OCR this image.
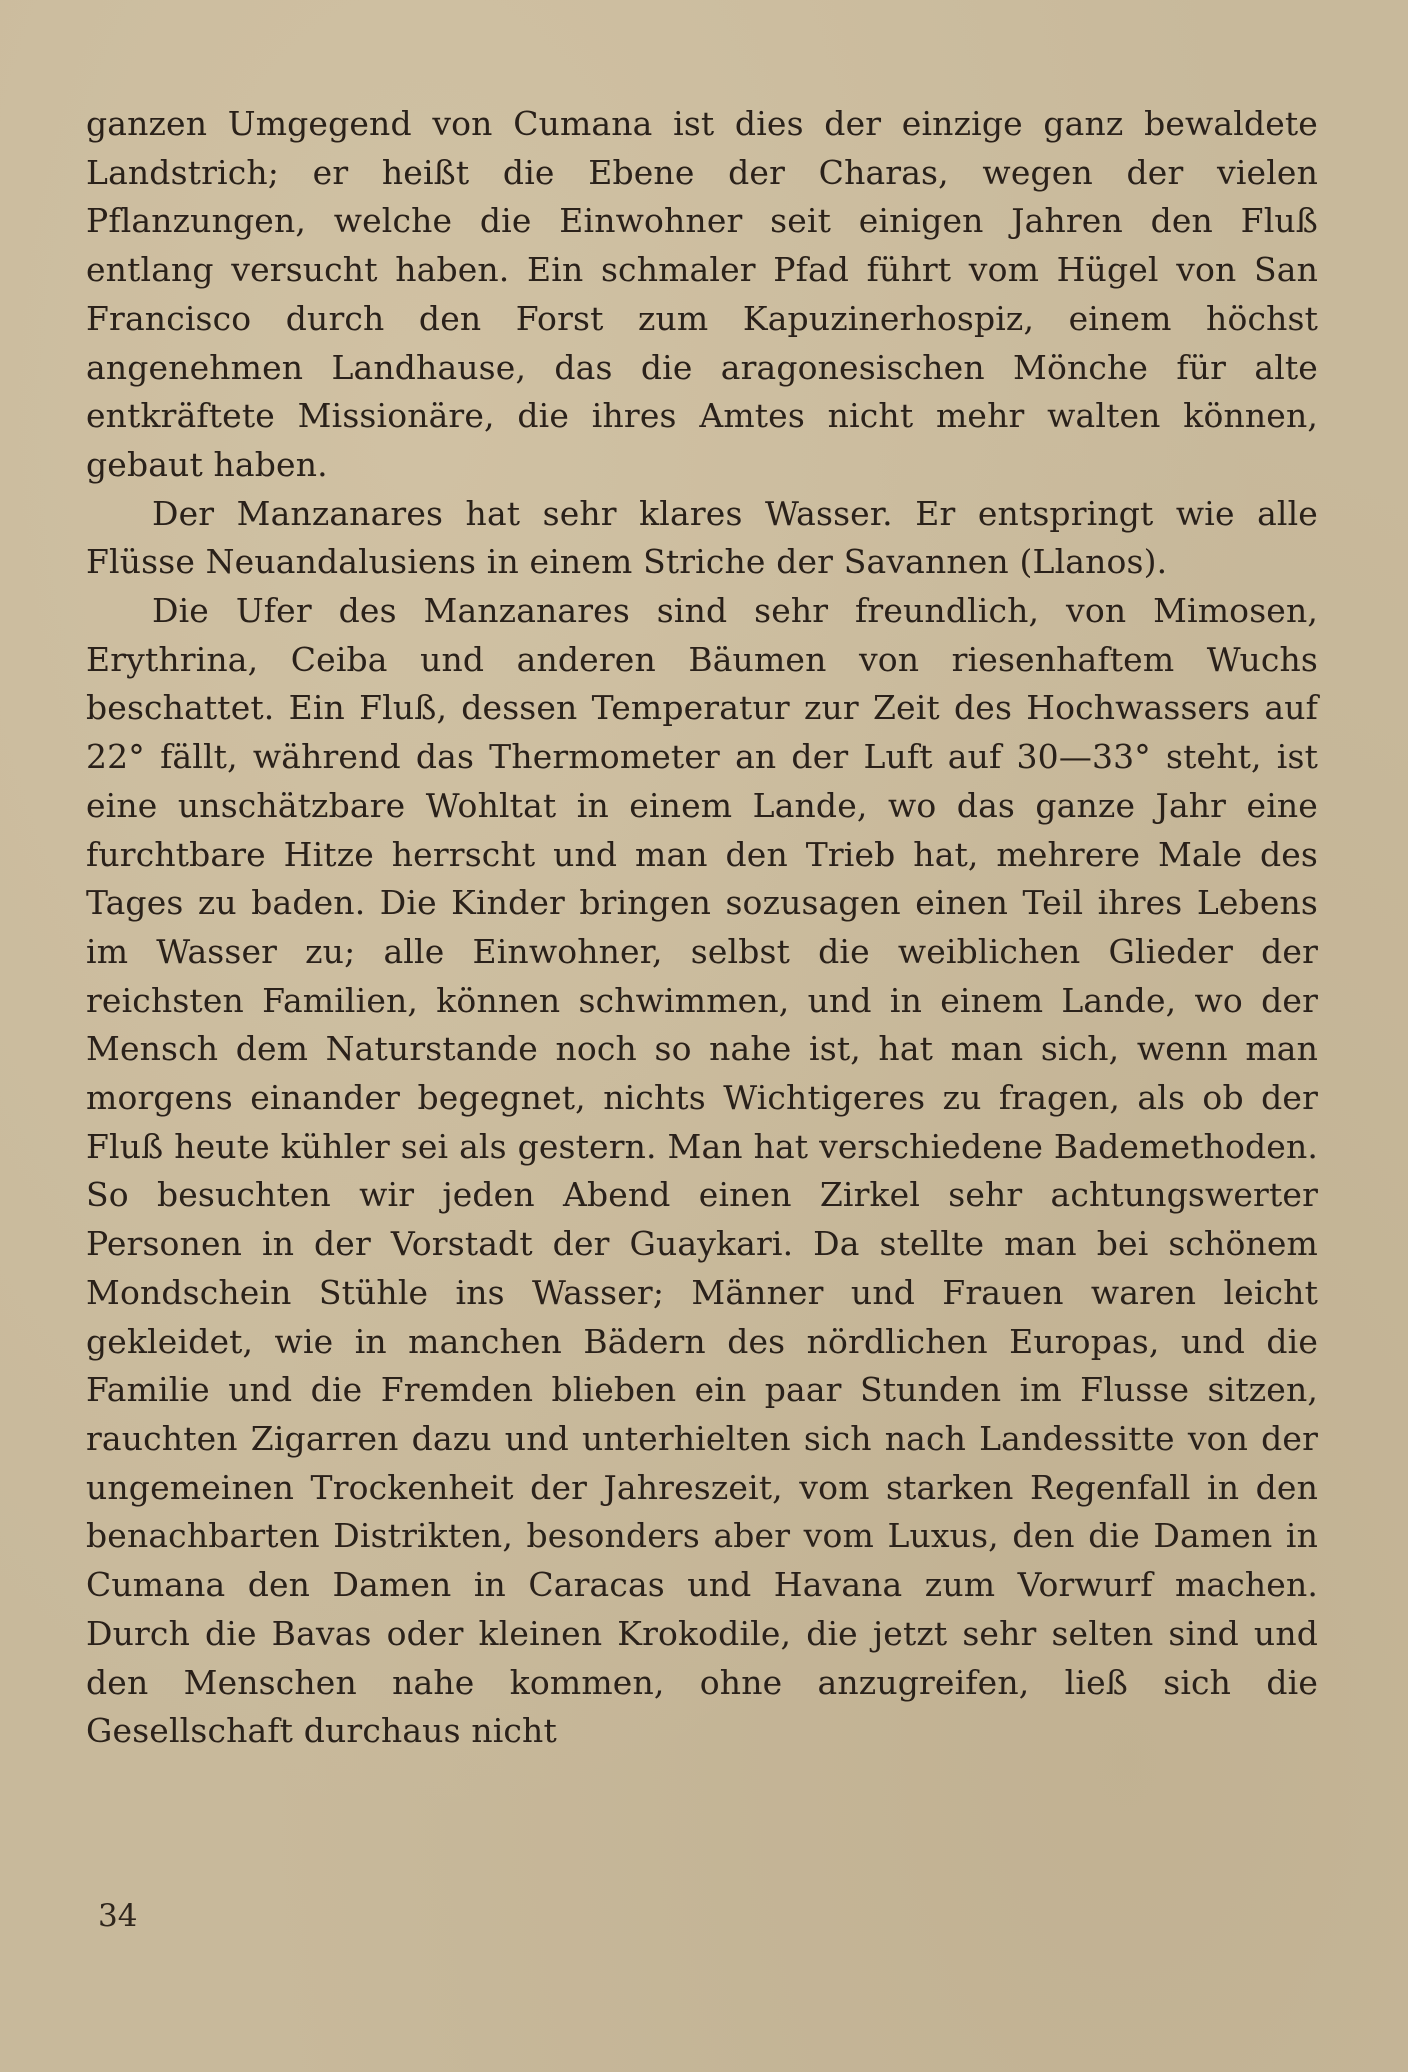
ganzen Umgegend von Cumana ist dies der einzige ganz bewaldete Landstrich; er heißt die Ebene der Charas, wegen der vielen Pflanzungen, welche die Einwohner seit einigen Jahren den Fluß entlang versucht haben. Ein schmaler Pfad führt vom Hügel von San Francisco durch den Forst zum Kapuzinerhospiz, einem höchst angenehmen Landhause, das die aragonesischen Mönche für alte entkräftete Missionäre, die ihres Amtes nicht mehr walten können, gebaut haben.

Der Manzanares hat sehr klares Wasser. Er entspringt wie alle Flüsse Neuandalusiens in einem Striche der Savannen (Llanos).

Die Ufer des Manzanares sind sehr freundlich, von Mimosen, Erythrina, Ceiba und anderen Bäumen von riesenhaftem Wuchs beschattet. Ein Fluß, dessen Temperatur zur Zeit des Hochwassers auf 22° fällt, während das Thermometer an der Luft auf 30—33° steht, ist eine unschätzbare Wohltat in einem Lande, wo das ganze Jahr eine furchtbare Hitze herrscht und man den Trieb hat, mehrere Male des Tages zu baden. Die Kinder bringen sozusagen einen Teil ihres Lebens im Wasser zu; alle Einwohner, selbst die weiblichen Glieder der reichsten Familien, können schwimmen, und in einem Lande, wo der Mensch dem Naturstande noch so nahe ist, hat man sich, wenn man morgens einander begegnet, nichts Wichtigeres zu fragen, als ob der Fluß heute kühler sei als gestern. Man hat verschiedene Bademethoden. So besuchten wir jeden Abend einen Zirkel sehr achtungswerter Personen in der Vorstadt der Guaykari. Da stellte man bei schönem Mondschein Stühle ins Wasser; Männer und Frauen waren leicht gekleidet, wie in manchen Bädern des nördlichen Europas, und die Familie und die Fremden blieben ein paar Stunden im Flusse sitzen, rauchten Zigarren dazu und unterhielten sich nach Landessitte von der ungemeinen Trockenheit der Jahreszeit, vom starken Regenfall in den benachbarten Distrikten, besonders aber vom Luxus, den die Damen in Cumana den Damen in Caracas und Havana zum Vorwurf machen. Durch die Bavas oder kleinen Krokodile, die jetzt sehr selten sind und den Menschen nahe kommen, ohne anzugreifen, ließ sich die Gesellschaft durchaus nicht

34
